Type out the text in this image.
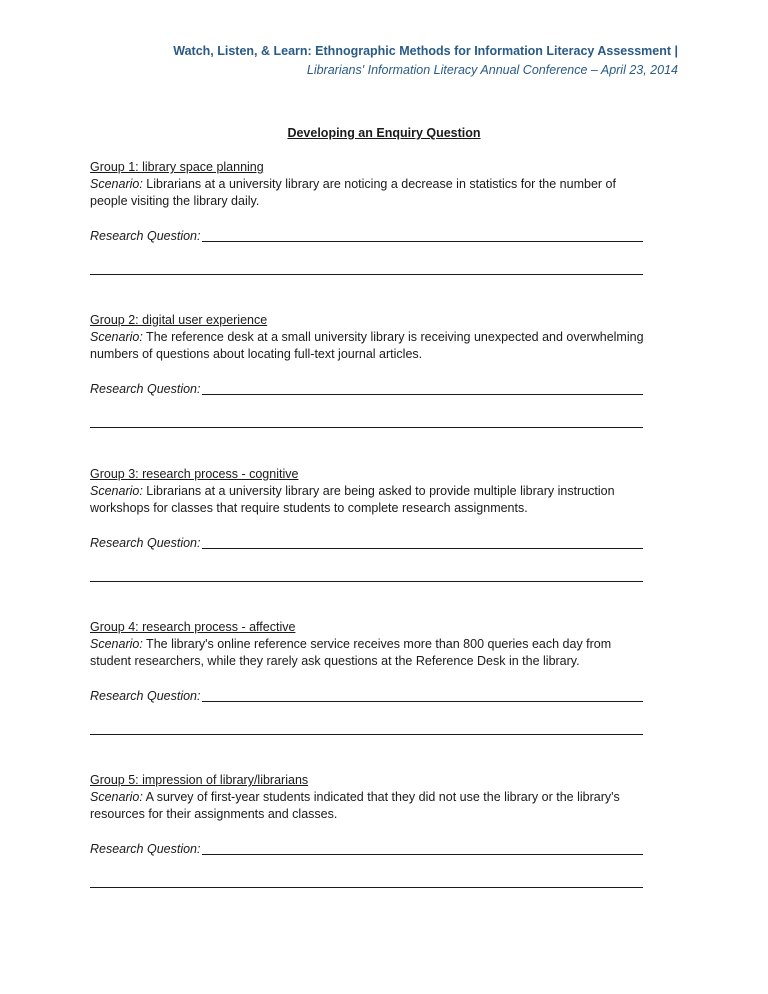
Watch, Listen, & Learn: Ethnographic Methods for Information Literacy Assessment |
Librarians' Information Literacy Annual Conference – April 23, 2014
Developing an Enquiry Question
Group 1: library space planning
Scenario: Librarians at a university library are noticing a decrease in statistics for the number of people visiting the library daily.
Research Question:
Group 2: digital user experience
Scenario: The reference desk at a small university library is receiving unexpected and overwhelming numbers of questions about locating full-text journal articles.
Research Question:
Group 3: research process - cognitive
Scenario: Librarians at a university library are being asked to provide multiple library instruction workshops for classes that require students to complete research assignments.
Research Question:
Group 4: research process - affective
Scenario: The library's online reference service receives more than 800 queries each day from student researchers, while they rarely ask questions at the Reference Desk in the library.
Research Question:
Group 5: impression of library/librarians
Scenario: A survey of first-year students indicated that they did not use the library or the library's resources for their assignments and classes.
Research Question:
